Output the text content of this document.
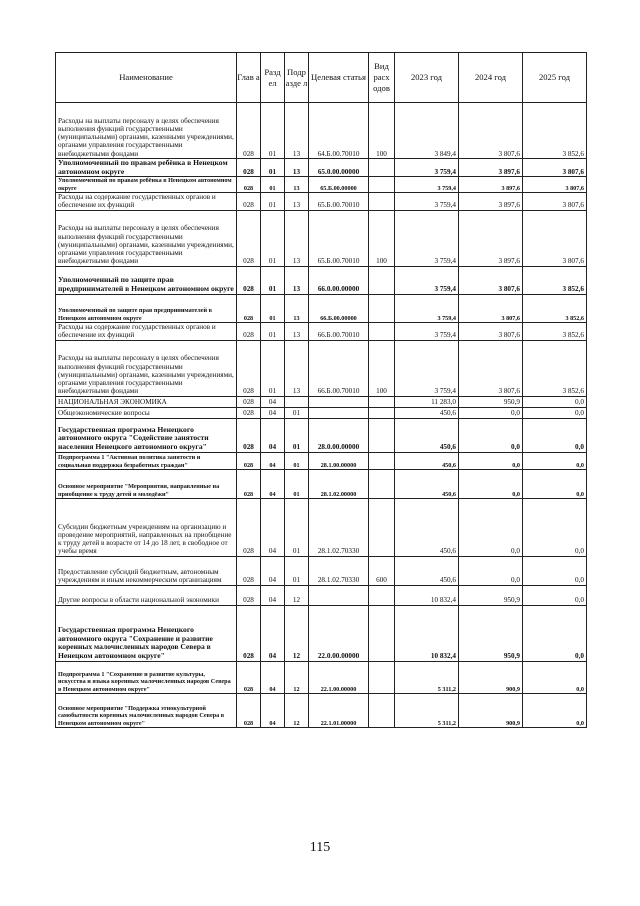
Наименование	Глав а	Разд ел	Подр азде л	Целевая статья	Вид расх одов	2023 год	2024 год	2025 год
Расходы на выплаты персоналу в целях обеспечения выполнения функций государственными (муниципальными) органами, казенными учреждениями, органами управления государственными внебюджетными фондами	028	01	13	64.Б.00.70010	100	3 849,4	3 807,6	3 852,6
Уполномоченный по правам ребёнка в Ненецком автономном округе	028	01	13	65.0.00.00000		3 759,4	3 897,6	3 807,6
Уполномоченный по правам ребёнка в Ненецком автономном округе	028	01	13	65.Б.00.00000		3 759,4	3 897,6	3 807,6
Расходы на содержание государственных органов и обеспечение их функций	028	01	13	65.Б.00.70010		3 759,4	3 897,6	3 807,6
Расходы на выплаты персоналу в целях обеспечения выполнения функций государственными (муниципальными) органами, казенными учреждениями, органами управления государственными внебюджетными фондами	028	01	13	65.Б.00.70010	100	3 759,4	3 897,6	3 807,6
Уполномоченный по защите прав предпринимателей в Ненецком автономном округе	028	01	13	66.0.00.00000		3 759,4	3 807,6	3 852,6
Уполномоченный по защите прав предпринимателей в Ненецком автономном округе	028	01	13	66.Б.00.00000		3 759,4	3 807,6	3 852,6
Расходы на содержание государственных органов и обеспечение их функций	028	01	13	66.Б.00.70010		3 759,4	3 807,6	3 852,6
Расходы на выплаты персоналу в целях обеспечения выполнения функций государственными (муниципальными) органами, казенными учреждениями, органами управления государственными внебюджетными фондами	028	01	13	66.Б.00.70010	100	3 759,4	3 807,6	3 852,6
НАЦИОНАЛЬНАЯ ЭКОНОМИКА	028	04				11 283,0	950,9	0,0
Общеэкономические вопросы	028	04	01			450,6	0,0	0,0
Государственная программа Ненецкого автономного округа "Содействие занятости населения Ненецкого автономного округа"	028	04	01	28.0.00.00000		450,6	0,0	0,0
Подпрограмма 1 "Активная политика занятости и социальная поддержка безработных граждан"	028	04	01	28.1.00.00000		450,6	0,0	0,0
Основное мероприятие "Мероприятия, направленные на приобщение к труду детей и молодёжи"	028	04	01	28.1.02.00000		450,6	0,0	0,0
Субсидии бюджетным учреждениям на организацию и проведение мероприятий, направленных на приобщение к труду детей в возрасте от 14 до 18 лет, в свободное от учебы время	028	04	01	28.1.02.70330		450,6	0,0	0,0
Предоставление субсидий бюджетным, автономным учреждениям и иным некоммерческим организациям	028	04	01	28.1.02.70330	600	450,6	0,0	0,0
Другие вопросы в области национальной экономики	028	04	12			10 832,4	950,9	0,0
Государственная программа Ненецкого автономного округа "Сохранение и развитие коренных малочисленных народов Севера в Ненецком автономном округе"	028	04	12	22.0.00.00000		10 832,4	950,9	0,0
Подпрограмма 1 "Сохранение и развитие культуры, искусства и языка коренных малочисленных народов Севера в Ненецком автономном округе"	028	04	12	22.1.00.00000		5 311,2	900,9	0,0
Основное мероприятие "Поддержка этнокультурной самобытности коренных малочисленных народов Севера в Ненецком автономном округе"	028	04	12	22.1.01.00000		5 311,2	900,9	0,0
115
